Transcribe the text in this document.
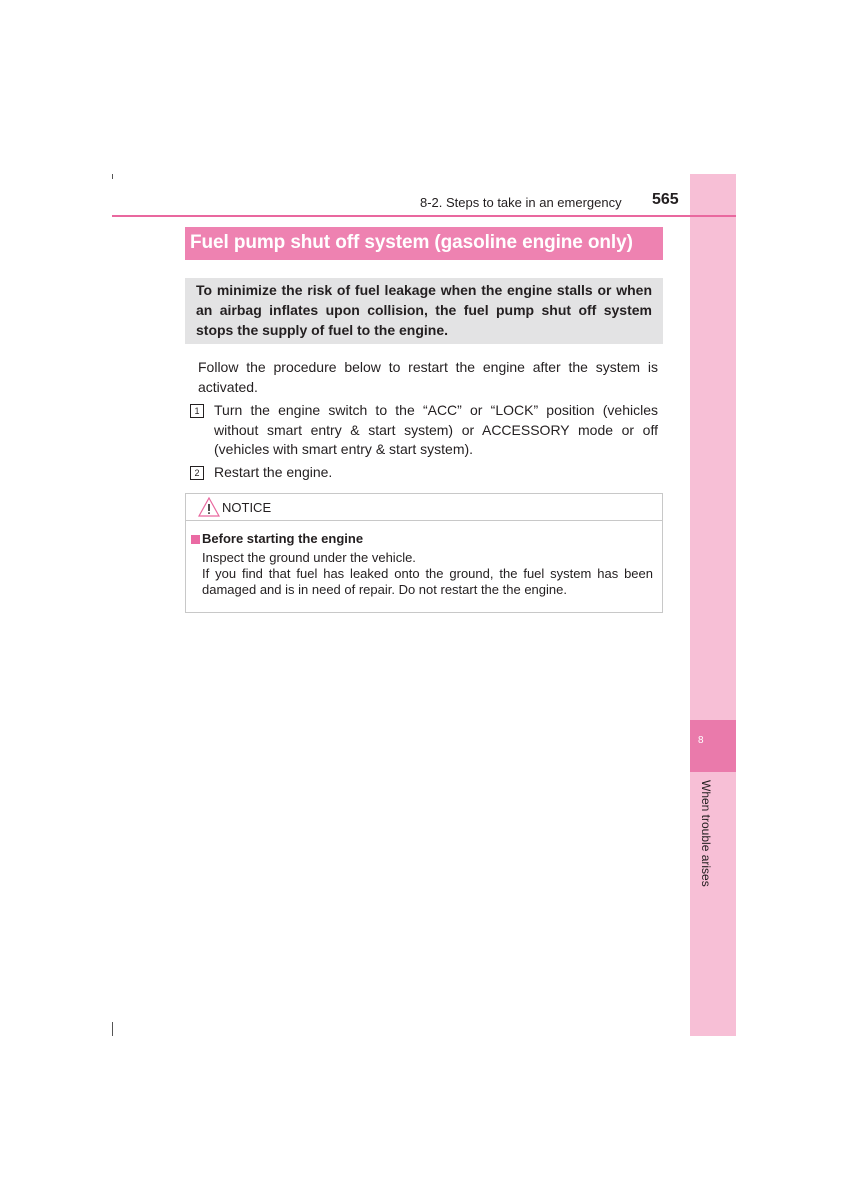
8
When trouble arises
8-2. Steps to take in an emergency 565
Fuel pump shut off system (gasoline engine only)
To minimize the risk of fuel leakage when the engine stalls or when an airbag inflates upon collision, the fuel pump shut off system stops the supply of fuel to the engine.
Follow the procedure below to restart the engine after the system is activated.
1	Turn the engine switch to the “ACC” or “LOCK” position (vehicles without smart entry & start system) or ACCESSORY mode or off (vehicles with smart entry & start system).
2	Restart the engine.
NOTICE
Before starting the engine
Inspect the ground under the vehicle.
If you find that fuel has leaked onto the ground, the fuel system has been damaged and is in need of repair. Do not restart the the engine.
